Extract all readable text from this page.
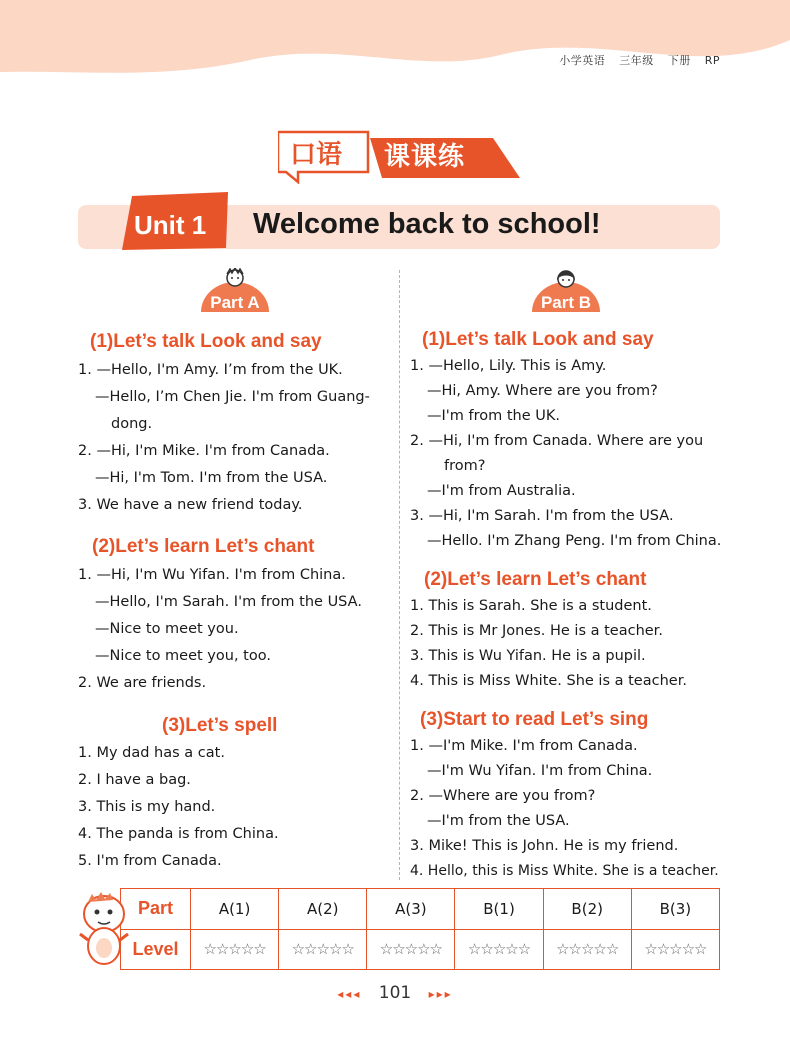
小学英语 三年级 下册 RP
口语 课课练
Unit 1 Welcome back to school!
Part A	Part B
(1)Let’s talk Look and say
1. —Hello, I'm Amy. I’m from the UK.
—Hello, I’m Chen Jie. I'm from Guang-
dong.
2. —Hi, I'm Mike. I'm from Canada.
—Hi, I'm Tom. I'm from the USA.
3. We have a new friend today.
(2)Let’s learn Let’s chant
1. —Hi, I'm Wu Yifan. I'm from China.
—Hello, I'm Sarah. I'm from the USA.
—Nice to meet you.
—Nice to meet you, too.
2. We are friends.
(3)Let’s spell
1. My dad has a cat.
2. I have a bag.
3. This is my hand.
4. The panda is from China.
5. I'm from Canada.
(1)Let’s talk Look and say
1. —Hello, Lily. This is Amy.
—Hi, Amy. Where are you from?
—I'm from the UK.
2. —Hi, I'm from Canada. Where are you
from?
—I'm from Australia.
3. —Hi, I'm Sarah. I'm from the USA.
—Hello. I'm Zhang Peng. I'm from China.
(2)Let’s learn Let’s chant
1. This is Sarah. She is a student.
2. This is Mr Jones. He is a teacher.
3. This is Wu Yifan. He is a pupil.
4. This is Miss White. She is a teacher.
(3)Start to read Let’s sing
1. —I'm Mike. I'm from Canada.
—I'm Wu Yifan. I'm from China.
2. —Where are you from?
—I'm from the USA.
3. Mike! This is John. He is my friend.
4. Hello, this is Miss White. She is a teacher.
Part	A(1)	A(2)	A(3)	B(1)	B(2)	B(3)
Level	☆☆☆☆☆	☆☆☆☆☆	☆☆☆☆☆	☆☆☆☆☆	☆☆☆☆☆	☆☆☆☆☆
◂◂◂ 101 ▸▸▸
